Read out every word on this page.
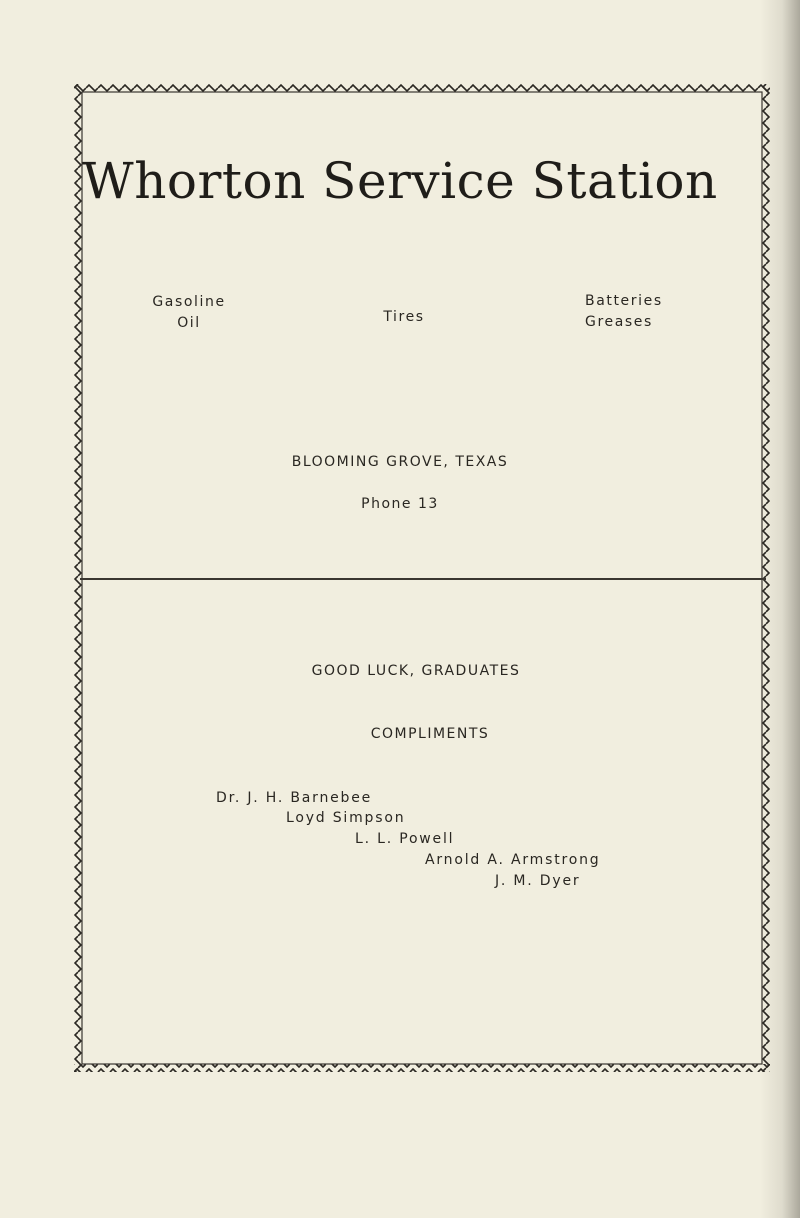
Whorton Service Station
Gasoline
Oil	Tires
Batteries
Greases
BLOOMING GROVE, TEXAS
Phone 13
GOOD LUCK, GRADUATES
COMPLIMENTS
Dr. J. H. Barnebee
Loyd Simpson
L. L. Powell
Arnold A. Armstrong
J. M. Dyer
